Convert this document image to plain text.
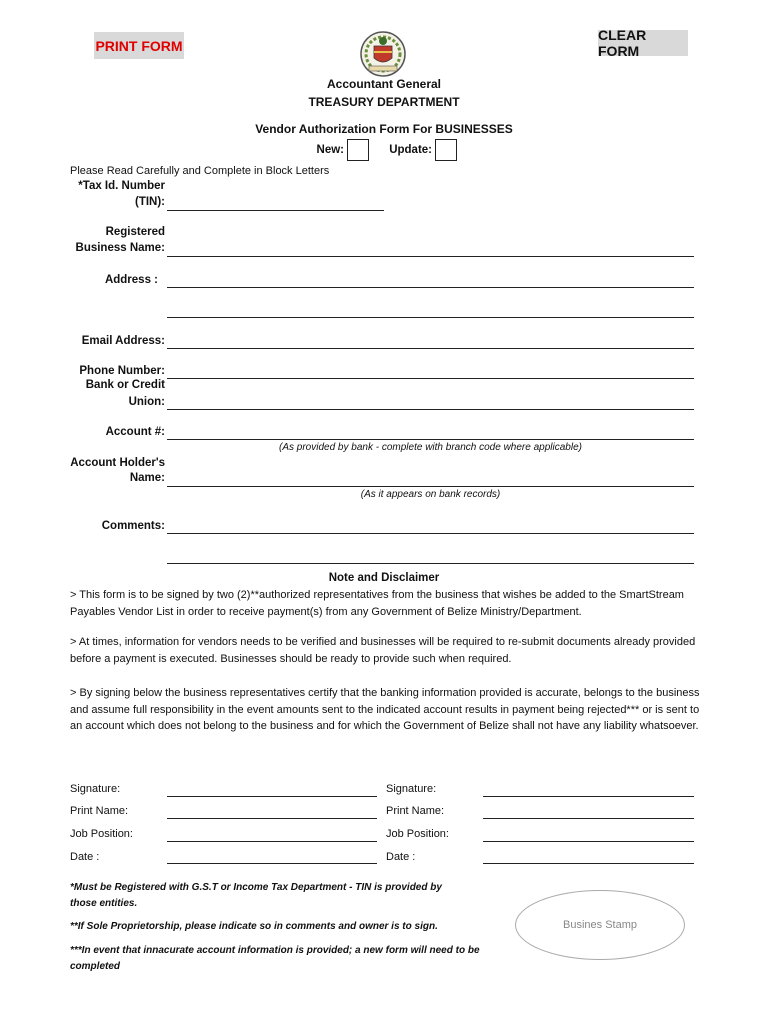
PRINT FORM
CLEAR FORM
Accountant General
TREASURY DEPARTMENT
Vendor Authorization Form For BUSINESSES
New:	Update:
Please Read Carefully and Complete in Block Letters
*Tax Id. Number
(TIN):
Registered
Business Name:
Address :
Email Address:
Phone Number:
Bank or Credit
Union:
Account #:
(As provided by bank - complete with branch code where applicable)
Account Holder's
Name:
(As it appears on bank records)
Comments:
Note and Disclaimer
> This form is to be signed by two (2)**authorized representatives from the business that wishes be added to the SmartStream Payables Vendor List in order to receive payment(s) from any Government of Belize Ministry/Department.
> At times, information for vendors needs to be verified and businesses will be required to re-submit documents already provided before a payment is executed. Businesses should be ready to provide such when required.
> By signing below the business representatives certify that the banking information provided is accurate, belongs to the business and assume full responsibility in the event amounts sent to the indicated account results in payment being rejected*** or is sent to an account which does not belong to the business and for which the Government of Belize shall not have any liability whatsoever.
Signature:
Print Name:
Job Position:
Date :
Signature:
Print Name:
Job Position:
Date :
*Must be Registered with G.S.T or Income Tax Department - TIN is provided by those entities.
**If Sole Proprietorship, please indicate so in comments and owner is to sign.
***In event that innacurate account information is provided; a new form will need to be completed
Busines Stamp
